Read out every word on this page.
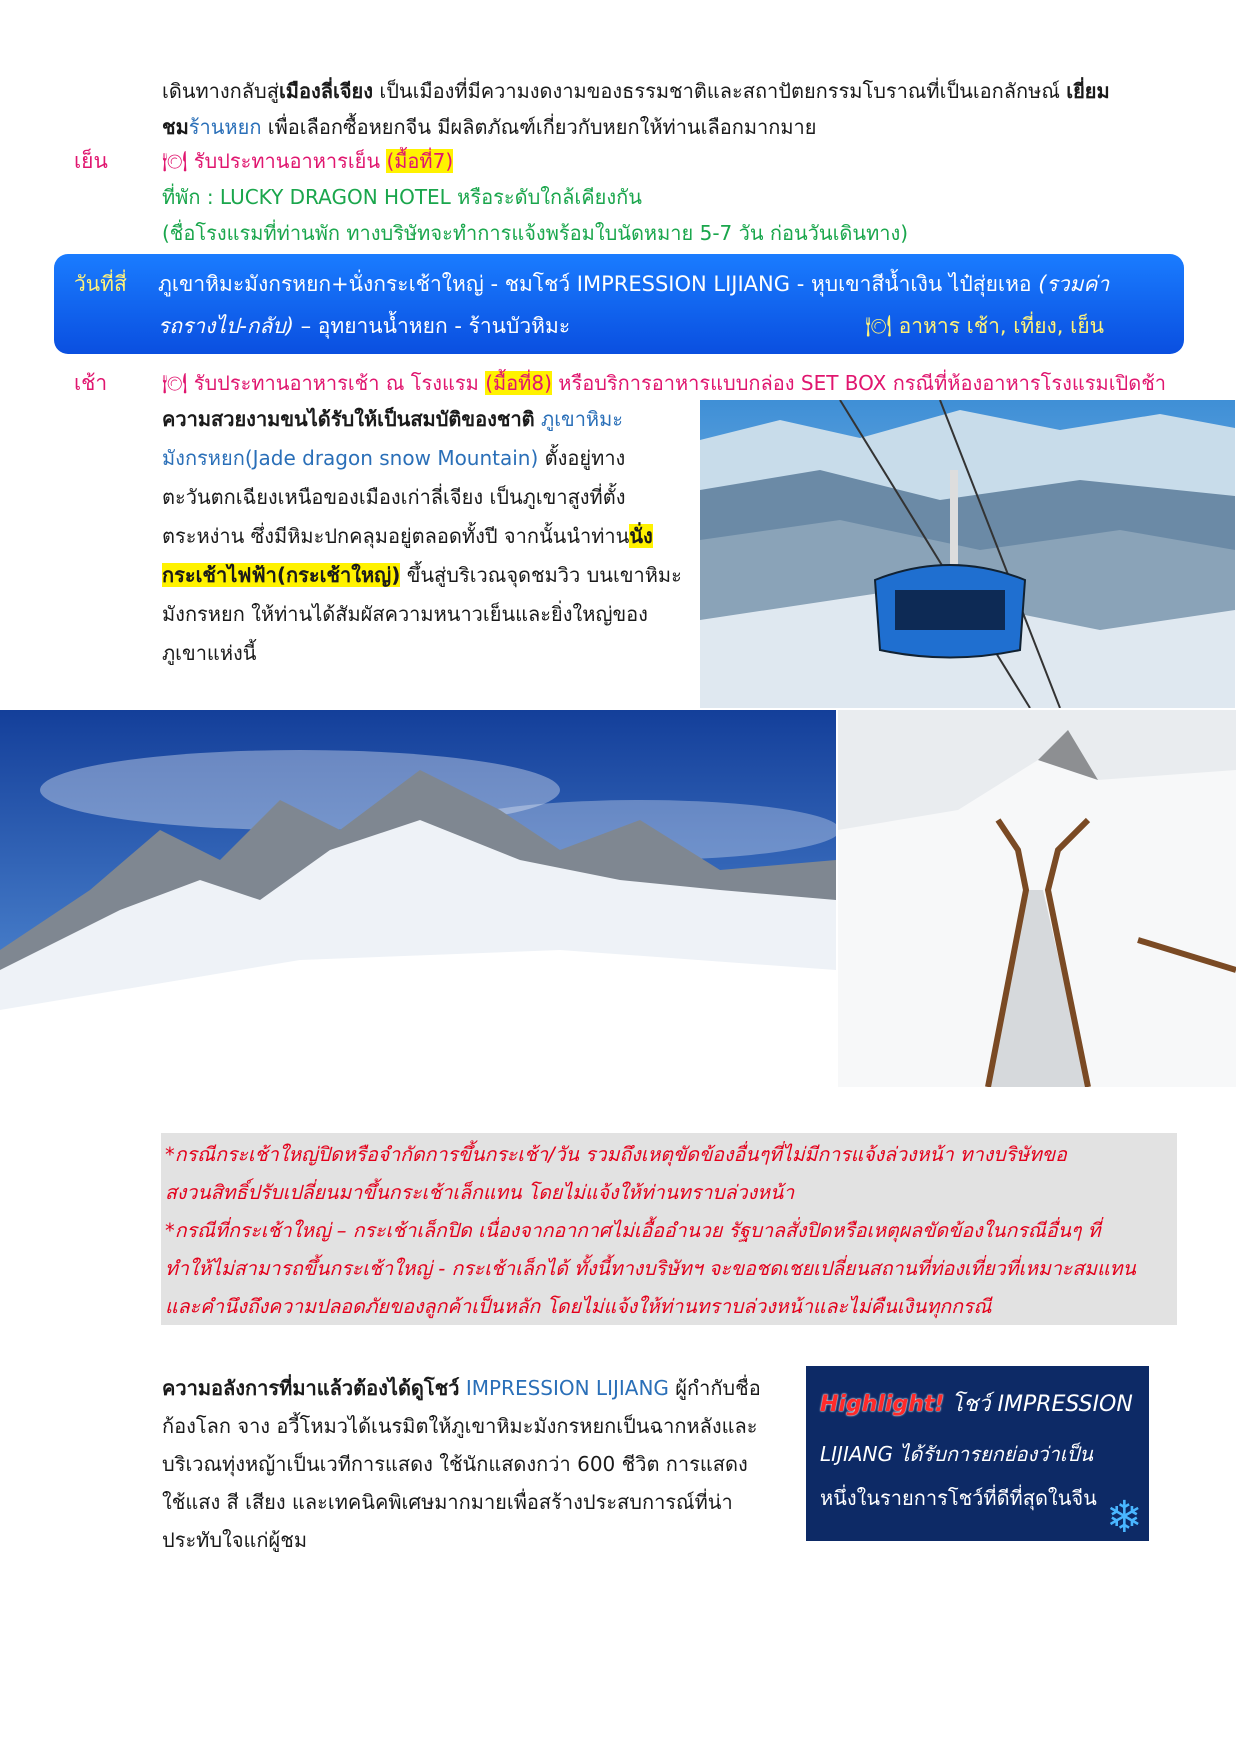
เดินทางกลับสู่เมืองลี่เจียง เป็นเมืองที่มีความงดงามของธรรมชาติและสถาปัตยกรรมโบราณที่เป็นเอกลักษณ์ เยี่ยม
ชมร้านหยก เพื่อเลือกซื้อหยกจีน มีผลิตภัณฑ์เกี่ยวกับหยกให้ท่านเลือกมากมาย
เย็น	🍽 รับประทานอาหารเย็น (มื้อที่7)
ที่พัก : LUCKY DRAGON HOTEL หรือระดับใกล้เคียงกัน
(ชื่อโรงแรมที่ท่านพัก ทางบริษัทจะทำการแจ้งพร้อมใบนัดหมาย 5-7 วัน ก่อนวันเดินทาง)
วันที่สี่ ภูเขาหิมะมังกรหยก+นั่งกระเช้าใหญ่ - ชมโชว์ IMPRESSION LIJIANG - หุบเขาสีน้ำเงิน ไป๋สุ่ยเหอ (รวมค่า
รถรางไป-กลับ) – อุทยานน้ำหยก - ร้านบัวหิมะ	🍽 อาหาร เช้า, เที่ยง, เย็น
เช้า	🍽 รับประทานอาหารเช้า ณ โรงแรม (มื้อที่8) หรือบริการอาหารแบบกล่อง SET BOX กรณีที่ห้องอาหารโรงแรมเปิดช้า
ความสวยงามขนได้รับให้เป็นสมบัติของชาติ ภูเขาหิมะ
มังกรหยก(Jade dragon snow Mountain) ตั้งอยู่ทาง
ตะวันตกเฉียงเหนือของเมืองเก่าลี่เจียง เป็นภูเขาสูงที่ตั้ง
ตระหง่าน ซึ่งมีหิมะปกคลุมอยู่ตลอดทั้งปี จากนั้นนำท่านนั่ง
กระเช้าไฟฟ้า(กระเช้าใหญ่) ขึ้นสู่บริเวณจุดชมวิว บนเขาหิมะ
มังกรหยก ให้ท่านได้สัมผัสความหนาวเย็นและยิ่งใหญ่ของ
ภูเขาแห่งนี้
*กรณีกระเช้าใหญ่ปิดหรือจำกัดการขึ้นกระเช้า/วัน รวมถึงเหตุขัดข้องอื่นๆที่ไม่มีการแจ้งล่วงหน้า ทางบริษัทขอ
สงวนสิทธิ์ปรับเปลี่ยนมาขึ้นกระเช้าเล็กแทน โดยไม่แจ้งให้ท่านทราบล่วงหน้า
*กรณีที่กระเช้าใหญ่ – กระเช้าเล็กปิด เนื่องจากอากาศไม่เอื้ออำนวย รัฐบาลสั่งปิดหรือเหตุผลขัดข้องในกรณีอื่นๆ ที่
ทำให้ไม่สามารถขึ้นกระเช้าใหญ่ - กระเช้าเล็กได้ ทั้งนี้ทางบริษัทฯ จะขอชดเชยเปลี่ยนสถานที่ท่องเที่ยวที่เหมาะสมแทน
และคำนึงถึงความปลอดภัยของลูกค้าเป็นหลัก โดยไม่แจ้งให้ท่านทราบล่วงหน้าและไม่คืนเงินทุกกรณี
ความอลังการที่มาแล้วต้องได้ดูโชว์ IMPRESSION LIJIANG ผู้กำกับชื่อ
ก้องโลก จาง อวี้โหมวได้เนรมิตให้ภูเขาหิมะมังกรหยกเป็นฉากหลังและ
บริเวณทุ่งหญ้าเป็นเวทีการแสดง ใช้นักแสดงกว่า 600 ชีวิต การแสดง
ใช้แสง สี เสียง และเทคนิคพิเศษมากมายเพื่อสร้างประสบการณ์ที่น่า
ประทับใจแก่ผู้ชม
Highlight! โชว์ IMPRESSION
LIJIANG ได้รับการยกย่องว่าเป็น
หนึ่งในรายการโชว์ที่ดีที่สุดในจีน ❄
